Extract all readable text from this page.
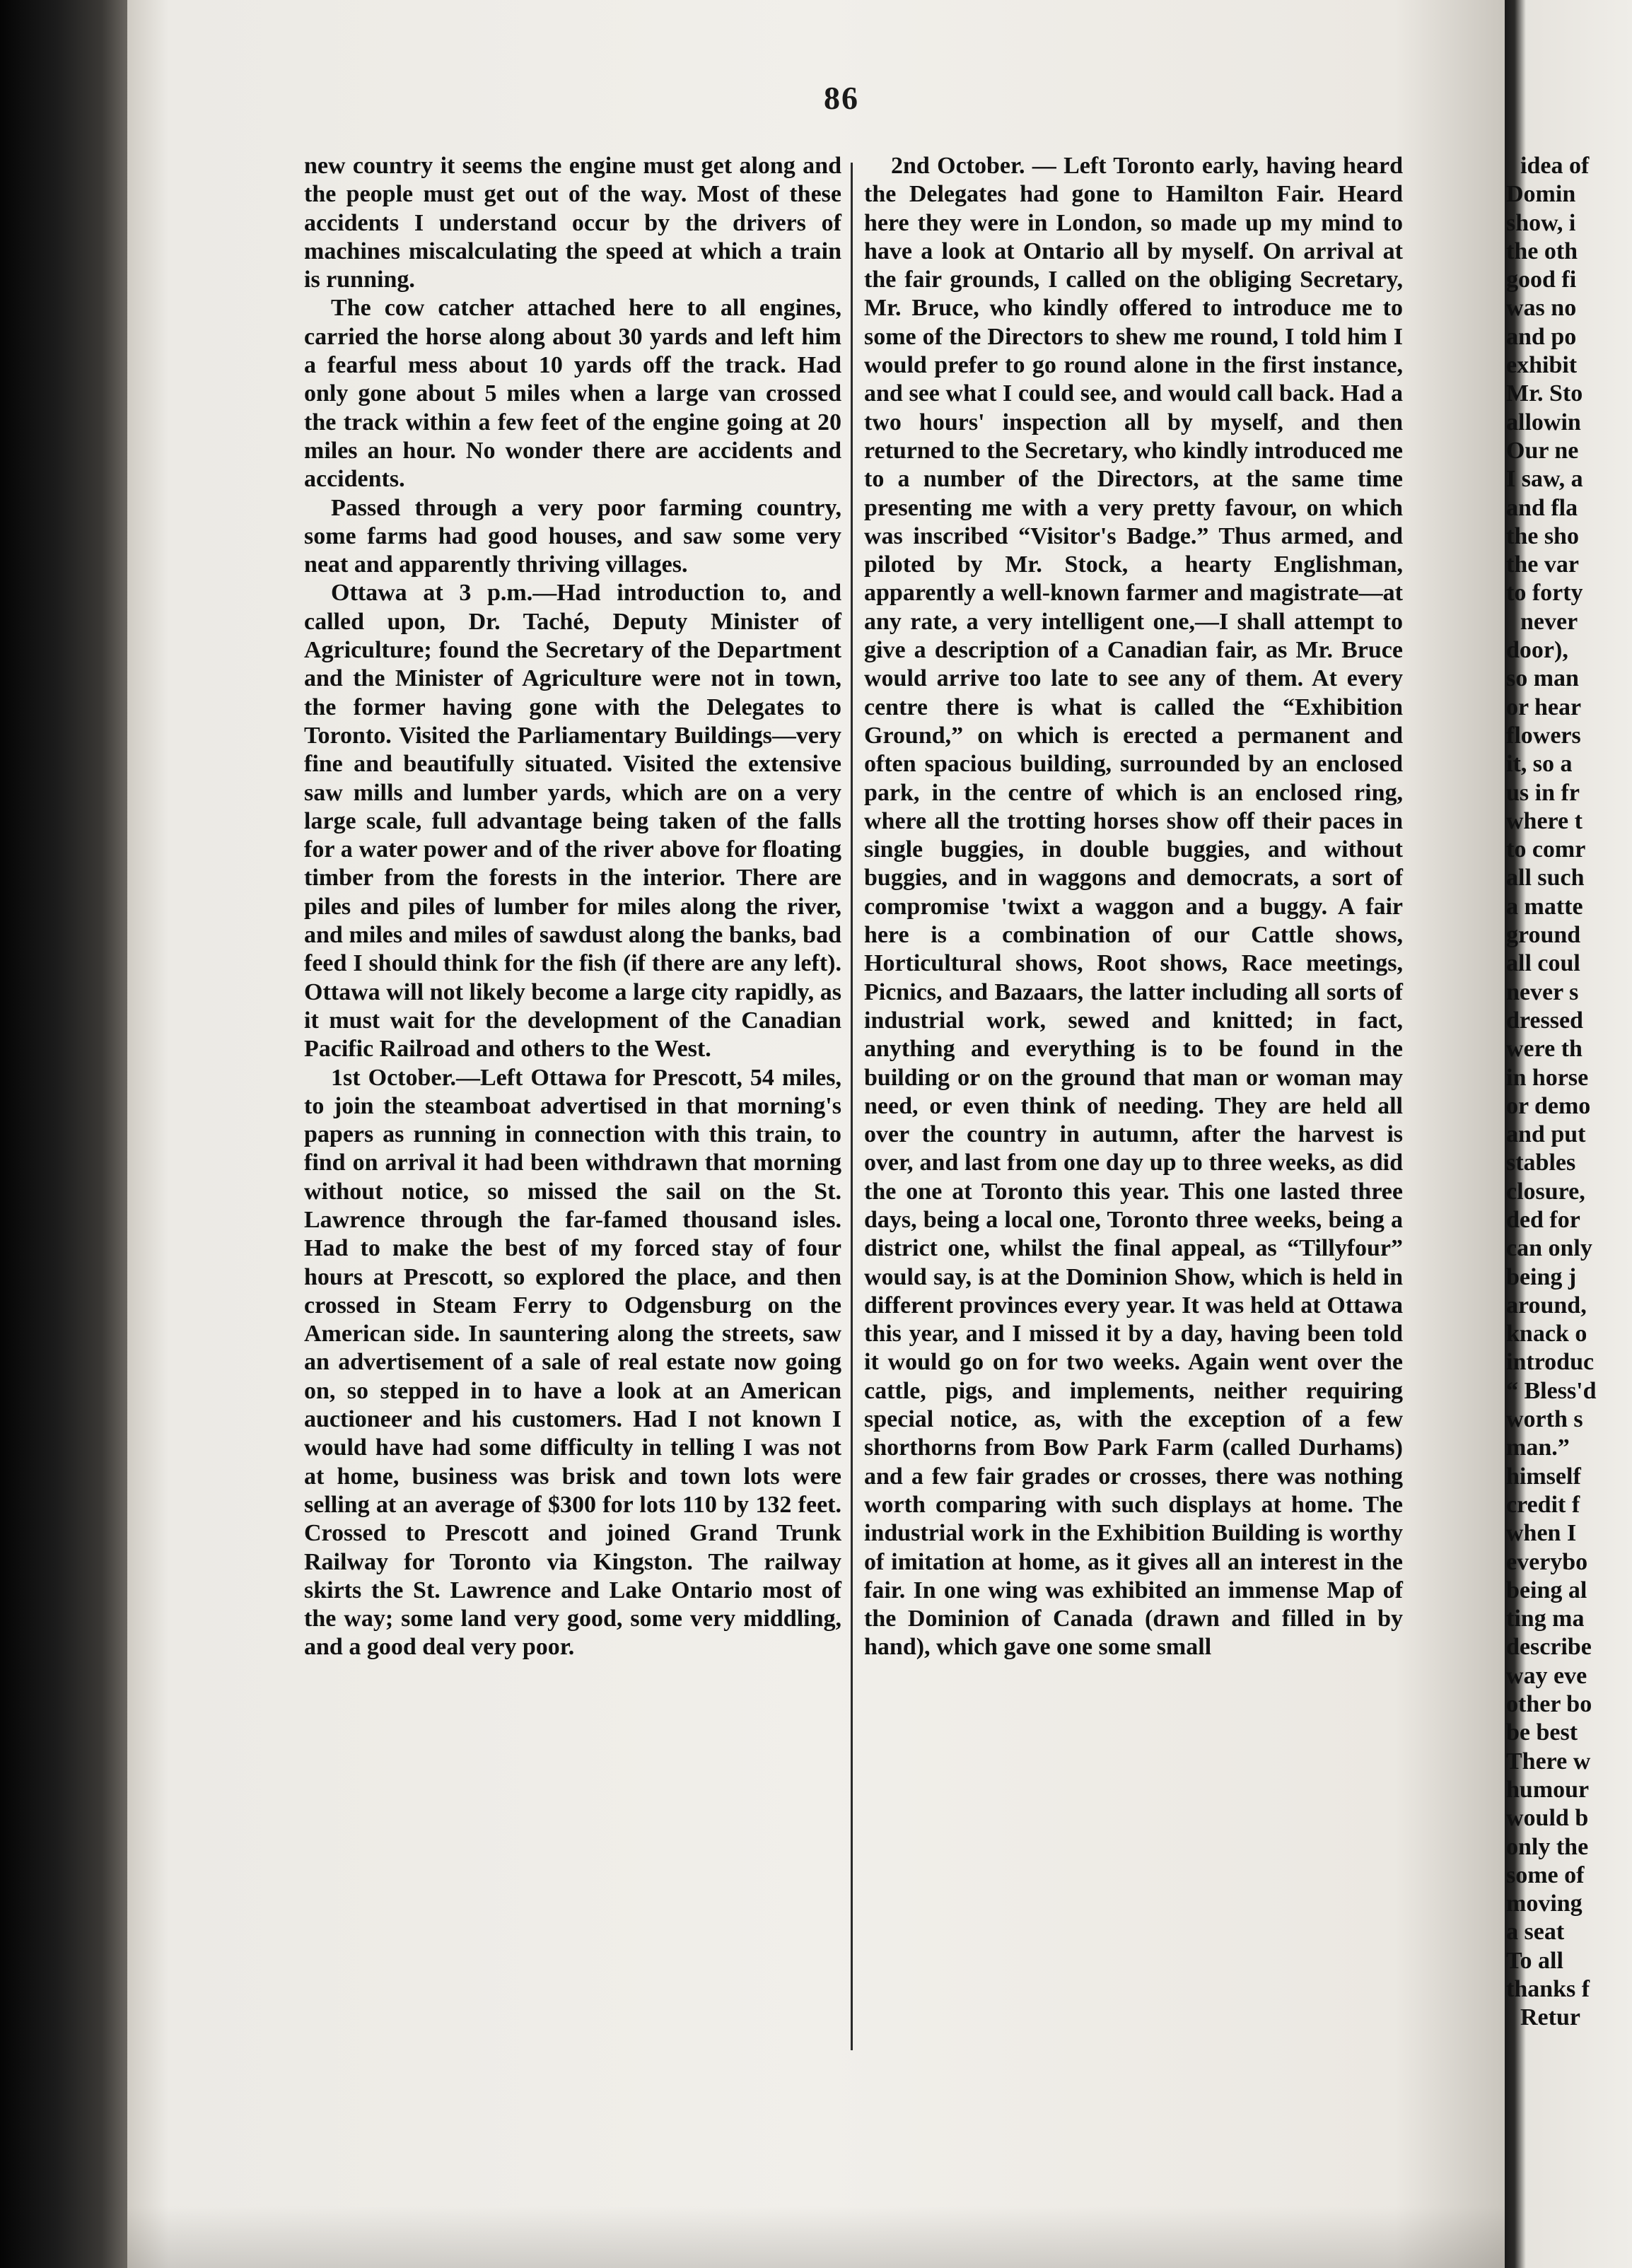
86

new country it seems the engine must get along and the people must get out of the way. Most of these accidents I understand occur by the drivers of machines miscalculating the speed at which a train is running.

The cow catcher attached here to all engines, carried the horse along about 30 yards and left him a fearful mess about 10 yards off the track. Had only gone about 5 miles when a large van crossed the track within a few feet of the engine going at 20 miles an hour. No wonder there are accidents and accidents.

Passed through a very poor farming country, some farms had good houses, and saw some very neat and apparently thriving villages.

Ottawa at 3 p.m.—Had introduction to, and called upon, Dr. Taché, Deputy Minister of Agriculture; found the Secretary of the Department and the Minister of Agriculture were not in town, the former having gone with the Delegates to Toronto. Visited the Parliamentary Buildings—very fine and beautifully situated. Visited the extensive saw mills and lumber yards, which are on a very large scale, full advantage being taken of the falls for a water power and of the river above for floating timber from the forests in the interior. There are piles and piles of lumber for miles along the river, and miles and miles of sawdust along the banks, bad feed I should think for the fish (if there are any left). Ottawa will not likely become a large city rapidly, as it must wait for the development of the Canadian Pacific Railroad and others to the West.

1st October.—Left Ottawa for Prescott, 54 miles, to join the steamboat advertised in that morning's papers as running in connection with this train, to find on arrival it had been withdrawn that morning without notice, so missed the sail on the St. Lawrence through the far-famed thousand isles. Had to make the best of my forced stay of four hours at Prescott, so explored the place, and then crossed in Steam Ferry to Odgensburg on the American side. In sauntering along the streets, saw an advertisement of a sale of real estate now going on, so stepped in to have a look at an American auctioneer and his customers. Had I not known I would have had some difficulty in telling I was not at home, business was brisk and town lots were selling at an average of $300 for lots 110 by 132 feet. Crossed to Prescott and joined Grand Trunk Railway for Toronto via Kingston. The railway skirts the St. Lawrence and Lake Ontario most of the way; some land very good, some very middling, and a good deal very poor.

2nd October. — Left Toronto early, having heard the Delegates had gone to Hamilton Fair. Heard here they were in London, so made up my mind to have a look at Ontario all by myself. On arrival at the fair grounds, I called on the obliging Secretary, Mr. Bruce, who kindly offered to introduce me to some of the Directors to shew me round, I told him I would prefer to go round alone in the first instance, and see what I could see, and would call back. Had a two hours' inspection all by myself, and then returned to the Secretary, who kindly introduced me to a number of the Directors, at the same time presenting me with a very pretty favour, on which was inscribed “Visitor's Badge.” Thus armed, and piloted by Mr. Stock, a hearty Englishman, apparently a well-known farmer and magistrate—at any rate, a very intelligent one,—I shall attempt to give a description of a Canadian fair, as Mr. Bruce would arrive too late to see any of them. At every centre there is what is called the “Exhibition Ground,” on which is erected a permanent and often spacious building, surrounded by an enclosed park, in the centre of which is an enclosed ring, where all the trotting horses show off their paces in single buggies, in double buggies, and without buggies, and in waggons and democrats, a sort of compromise 'twixt a waggon and a buggy. A fair here is a combination of our Cattle shows, Horticultural shows, Root shows, Race meetings, Picnics, and Bazaars, the latter including all sorts of industrial work, sewed and knitted; in fact, anything and everything is to be found in the building or on the ground that man or woman may need, or even think of needing. They are held all over the country in autumn, after the harvest is over, and last from one day up to three weeks, as did the one at Toronto this year. This one lasted three days, being a local one, Toronto three weeks, being a district one, whilst the final appeal, as “Tillyfour” would say, is at the Dominion Show, which is held in different provinces every year. It was held at Ottawa this year, and I missed it by a day, having been told it would go on for two weeks. Again went over the cattle, pigs, and implements, neither requiring special notice, as, with the exception of a few shorthorns from Bow Park Farm (called Durhams) and a few fair grades or crosses, there was nothing worth comparing with such displays at home. The industrial work in the Exhibition Building is worthy of imitation at home, as it gives all an interest in the fair. In one wing was exhibited an immense Map of the Dominion of Canada (drawn and filled in by hand), which gave one some small

idea of
Domin
show, i
the oth
good fi
was no
and po
exhibit
Mr. Sto
allowin
Our ne
I saw, a
and fla
the sho
the var
to forty
never
door),
so man
or hear
flowers
it, so a
us in fr
where t
to comr
all such
a matte
ground
all coul
never s
dressed
were th
in horse
or demo
and put
stables
closure,
ded for
can only
being j
around,
knack o
introduc
“ Bless'd
worth s
man.”
himself
credit f
when I
everybo
being al
ting ma
describe
way eve
other bo
be best
There w
humour
would b
only the
some of
moving
a seat
To all
thanks f
Retur
